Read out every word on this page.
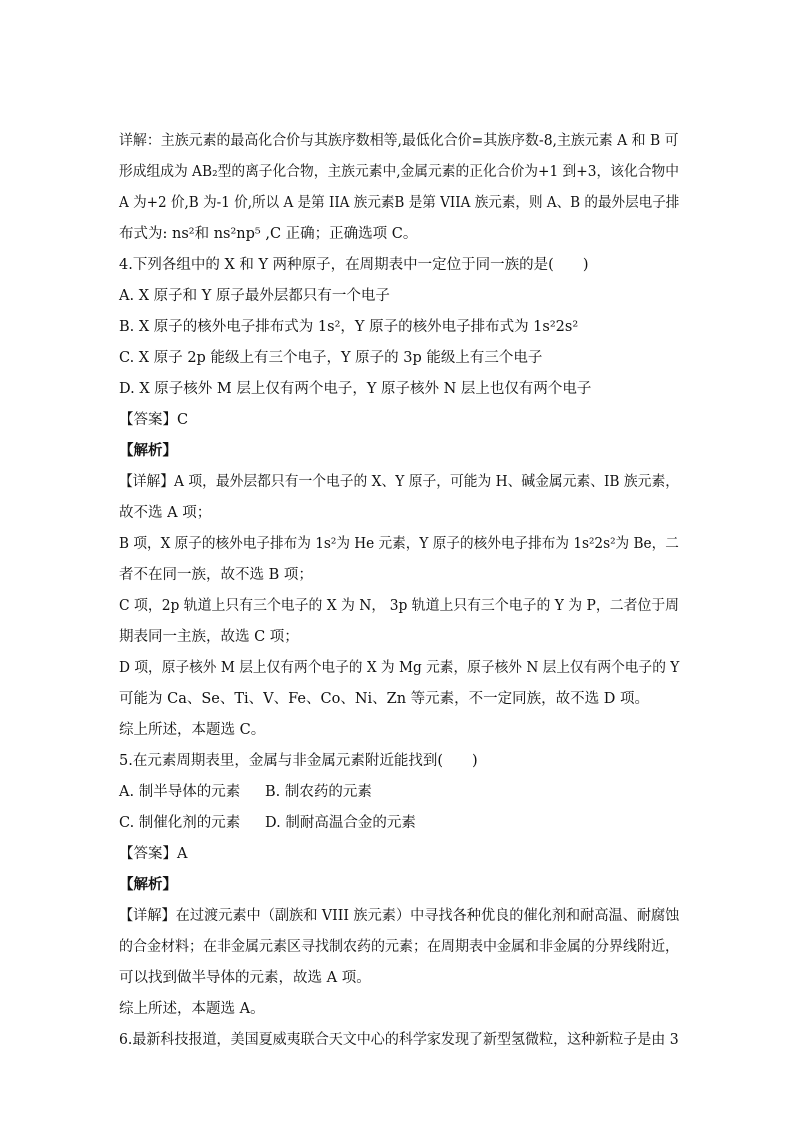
详解：主族元素的最高化合价与其族序数相等,最低化合价=其族序数-8,主族元素 A 和 B 可
形成组成为 AB₂型的离子化合物，主族元素中,金属元素的正化合价为+1 到+3，该化合物中
A 为+2 价,B 为-1 价,所以 A 是第 IIA 族元素B 是第 VIIA 族元素，则 A、B 的最外层电子排
布式为: ns²和 ns²np⁵ ,C 正确；正确选项 C。
4.下列各组中的 X 和 Y 两种原子，在周期表中一定位于同一族的是(　　)
A. X 原子和 Y 原子最外层都只有一个电子
B. X 原子的核外电子排布式为 1s²，Y 原子的核外电子排布式为 1s²2s²
C. X 原子 2p 能级上有三个电子，Y 原子的 3p 能级上有三个电子
D. X 原子核外 M 层上仅有两个电子，Y 原子核外 N 层上也仅有两个电子
【答案】C
【解析】
【详解】A 项，最外层都只有一个电子的 X、Y 原子，可能为 H、碱金属元素、ⅠB 族元素，
故不选 A 项；
B 项，X 原子的核外电子排布为 1s²为 He 元素，Y 原子的核外电子排布为 1s²2s²为 Be，二
者不在同一族，故不选 B 项；
C 项，2p 轨道上只有三个电子的 X 为 N， 3p 轨道上只有三个电子的 Y 为 P，二者位于周
期表同一主族，故选 C 项；
D 项，原子核外 M 层上仅有两个电子的 X 为 Mg 元素，原子核外 N 层上仅有两个电子的 Y
可能为 Ca、Se、Ti、V、Fe、Co、Ni、Zn 等元素，不一定同族，故不选 D 项。
综上所述，本题选 C。
5.在元素周期表里，金属与非金属元素附近能找到(　　)
A. 制半导体的元素 B. 制农药的元素
C. 制催化剂的元素 D. 制耐高温合金的元素
【答案】A
【解析】
【详解】在过渡元素中（副族和 VIII 族元素）中寻找各种优良的催化剂和耐高温、耐腐蚀
的合金材料；在非金属元素区寻找制农药的元素；在周期表中金属和非金属的分界线附近，
可以找到做半导体的元素，故选 A 项。
综上所述，本题选 A。
6.最新科技报道，美国夏威夷联合天文中心的科学家发现了新型氢微粒，这种新粒子是由 3
